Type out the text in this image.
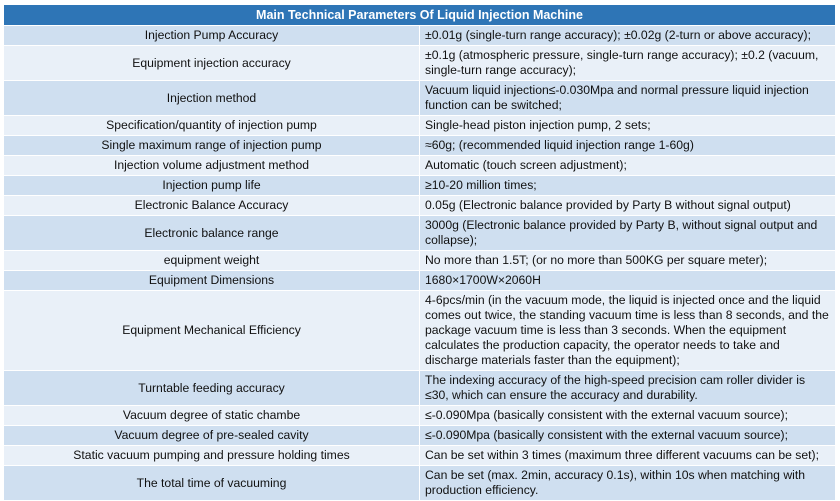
Main Technical Parameters Of Liquid Injection Machine	
Injection Pump Accuracy	±0.01g (single-turn range accuracy); ±0.02g (2-turn or above accuracy);
Equipment injection accuracy	±0.1g (atmospheric pressure, single-turn range accuracy); ±0.2 (vacuum, single-turn range accuracy);
Injection method	Vacuum liquid injection≤-0.030Mpa and normal pressure liquid injection function can be switched;
Specification/quantity of injection pump	Single-head piston injection pump, 2 sets;
Single maximum range of injection pump	≈60g; (recommended liquid injection range 1-60g)
Injection volume adjustment method	Automatic (touch screen adjustment);
Injection pump life	≥10-20 million times;
Electronic Balance Accuracy	0.05g (Electronic balance provided by Party B without signal output)
Electronic balance range	3000g (Electronic balance provided by Party B, without signal output and collapse);
equipment weight	No more than 1.5T; (or no more than 500KG per square meter);
Equipment Dimensions	1680×1700W×2060H
Equipment Mechanical Efficiency	4-6pcs/min (in the vacuum mode, the liquid is injected once and the liquid comes out twice, the standing vacuum time is less than 8 seconds, and the package vacuum time is less than 3 seconds. When the equipment calculates the production capacity, the operator needs to take and discharge materials faster than the equipment);
Turntable feeding accuracy	The indexing accuracy of the high-speed precision cam roller divider is ≤30, which can ensure the accuracy and durability.
Vacuum degree of static chambe	≤-0.090Mpa (basically consistent with the external vacuum source);
Vacuum degree of pre-sealed cavity	≤-0.090Mpa (basically consistent with the external vacuum source);
Static vacuum pumping and pressure holding times	Can be set within 3 times (maximum three different vacuums can be set);
The total time of vacuuming	Can be set (max. 2min, accuracy 0.1s), within 10s when matching with production efficiency.
